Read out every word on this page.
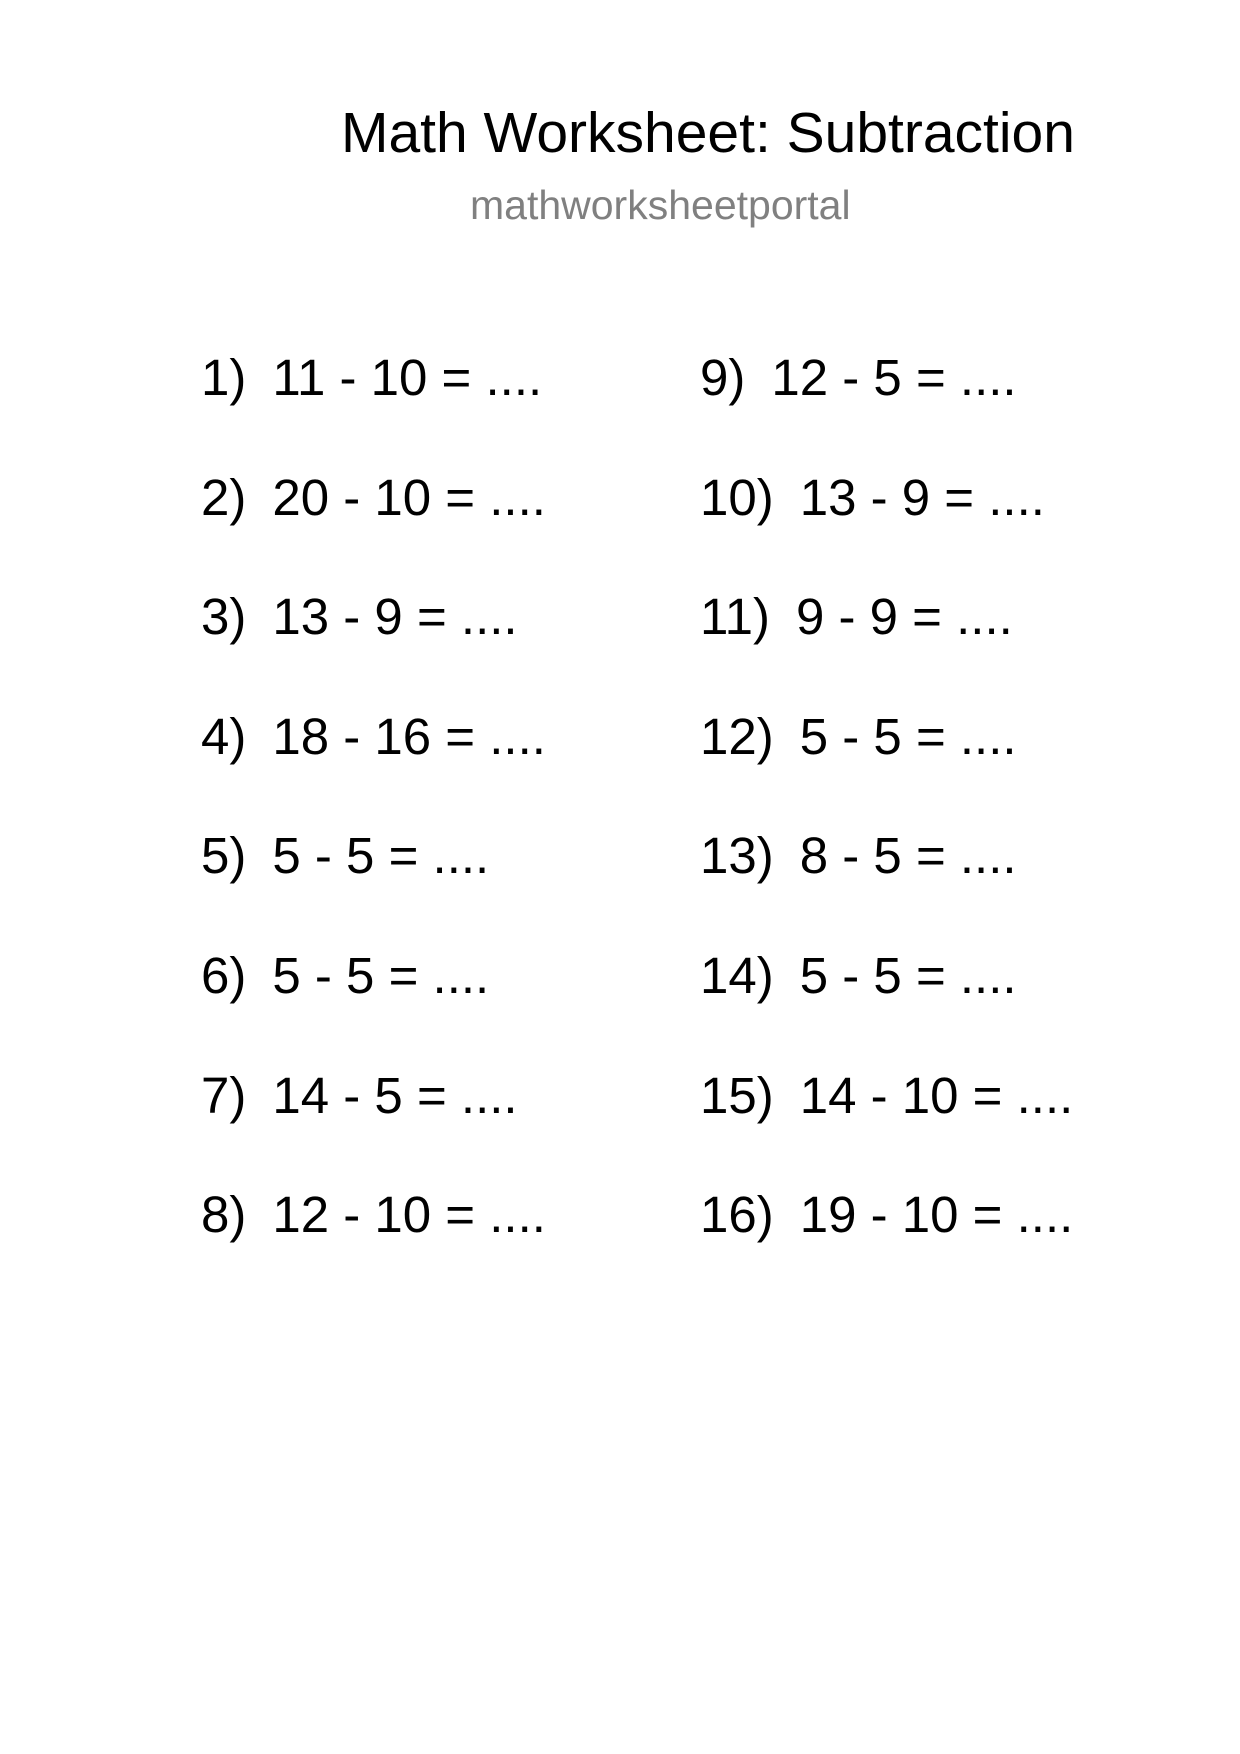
Math Worksheet: Subtraction
mathworksheetportal
1) 11 - 10 = ....
2) 20 - 10 = ....
3) 13 - 9 = ....
4) 18 - 16 = ....
5) 5 - 5 = ....
6) 5 - 5 = ....
7) 14 - 5 = ....
8) 12 - 10 = ....
9) 12 - 5 = ....
10) 13 - 9 = ....
11) 9 - 9 = ....
12) 5 - 5 = ....
13) 8 - 5 = ....
14) 5 - 5 = ....
15) 14 - 10 = ....
16) 19 - 10 = ....
